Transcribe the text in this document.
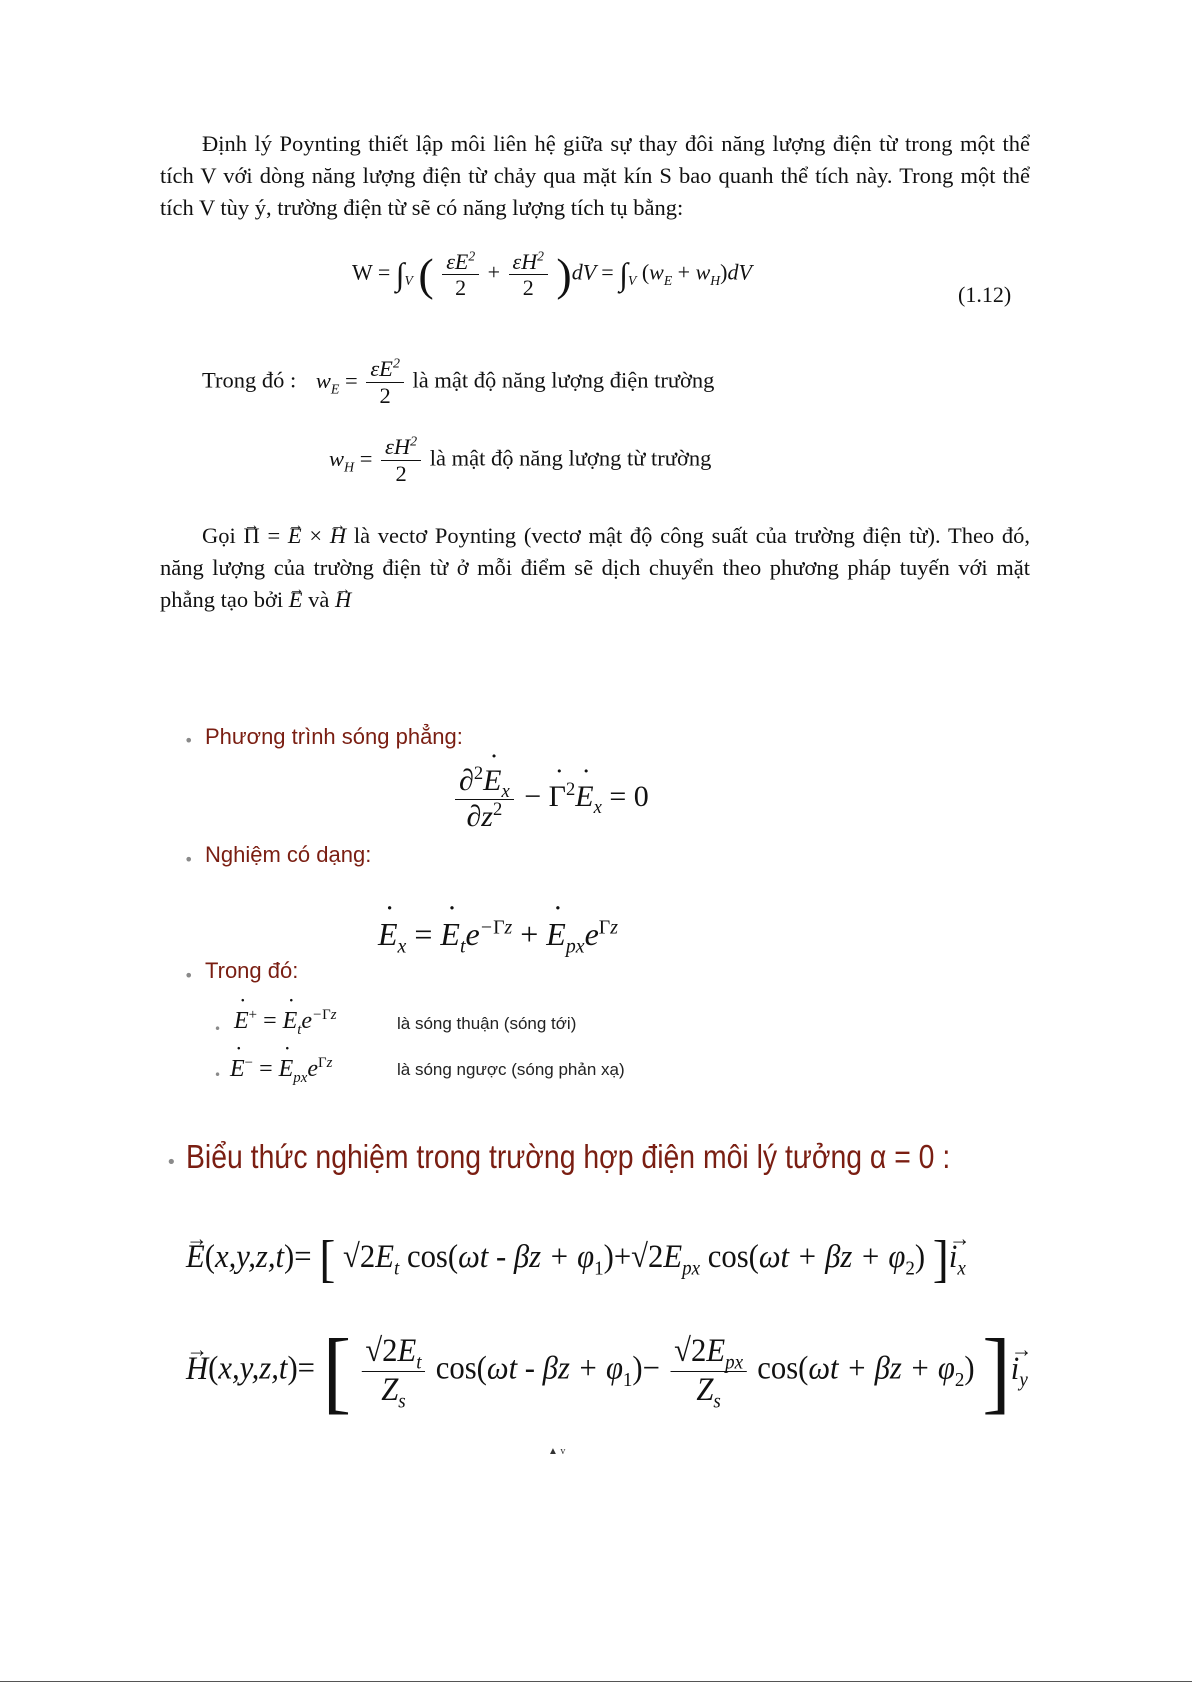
Định lý Poynting thiết lập môi liên hệ giữa sự thay đôi năng lượng điện từ trong một thể tích V với dòng năng lượng điện từ chảy qua mặt kín S bao quanh thể tích này. Trong một thể tích V tùy ý, trường điện từ sẽ có năng lượng tích tụ bằng:
$W = \int_V$ ( $\frac{\varepsilon E^2}{2} + \frac{\varepsilon H^2}{2} )dV = \int_V$ $(w_E + w_H)dV$
(1.12)
Trong đó : $w_E = \frac{\varepsilon E^2}{2}$ là mật độ năng lượng điện trường
$w_H = \frac{\varepsilon H^2}{2}$ là mật độ năng lượng từ trường
Gọi Π → = E → × H → là vectơ Poynting (vectơ mật độ công suất của trường điện từ). Theo đó, năng lượng của trường điện từ ở mỗi điểm sẽ dịch chuyển theo phương pháp tuyến với mặt phẳng tạo bởi E → và H →
• Phương trình sóng phẳng:
$\frac{\partial^2E ˙_x}{\partial z^2} - \Gamma$ ˙$^2$E $˙_x = 0$
• Nghiệm có dạng:
E $˙_x = E$ $˙_te^{-\Gamma z} + E$ $˙_{px}e^{\Gamma z}$
• Trong đó:
• E ˙+ = E $˙_te^{-\Gamma z}$	là sóng thuận (sóng tới)
• E ˙− = E $˙_{px}e^{\Gamma z}$	là sóng ngược (sóng phản xạ)
• Biểu thức nghiệm trong trường hợp điện môi lý tưởng α = 0 :
E →(x,y,z,t)= [ $√2E_t$ $\cos(\omega t - \beta z + \varphi_1)+√2E_{px}$ $\cos(\omega t + \beta z + \varphi_2)$ ]$i \to_x$
H →(x,y,z,t)= [ $\frac{√2E_t}{Z_s} \cos(\omega t - \beta z + \varphi_1)- \frac{√2E_{px}}{Z_s} \cos(\omega t + \beta z + \varphi_2)$ ]$i \to_y$
▲ v
